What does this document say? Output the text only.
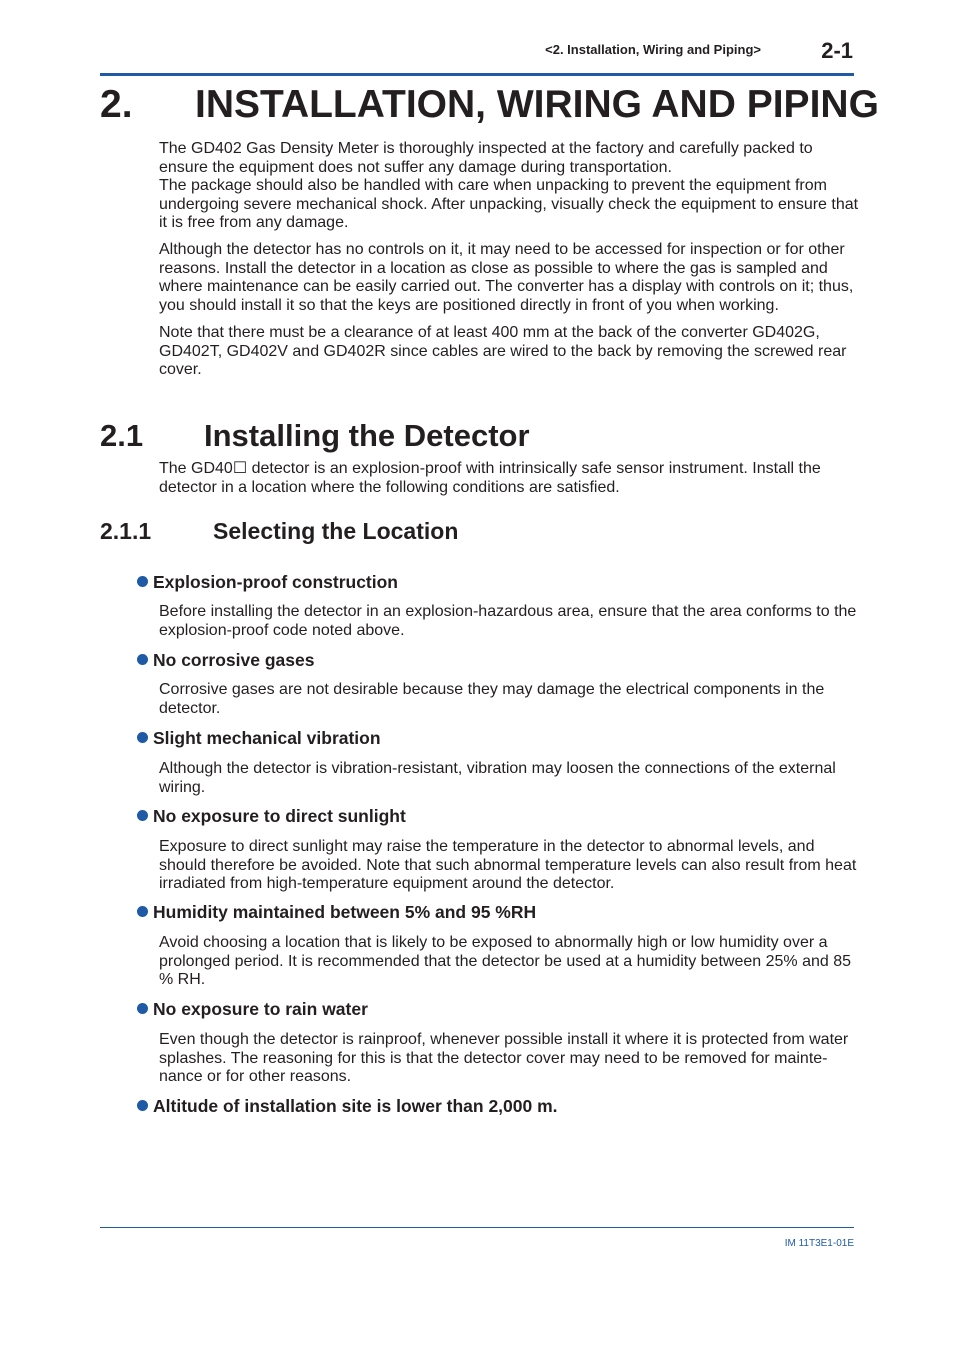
<2. Installation, Wiring and Piping>	2-1
2. INSTALLATION, WIRING AND PIPING

The GD402 Gas Density Meter is thoroughly inspected at the factory and carefully packed to ensure the equipment does not suffer any damage during transportation.

The package should also be handled with care when unpacking to prevent the equipment from undergoing severe mechanical shock. After unpacking, visually check the equipment to ensure that it is free from any damage.

Although the detector has no controls on it, it may need to be accessed for inspection or for other reasons. Install the detector in a location as close as possible to where the gas is sampled and where maintenance can be easily carried out. The converter has a display with controls on it; thus, you should install it so that the keys are positioned directly in front of you when working.
Note that there must be a clearance of at least 400 mm at the back of the converter GD402G, GD402T, GD402V and GD402R since cables are wired to the back by removing the screwed rear cover.
2.1 Installing the Detector
The GD40☐ detector is an explosion-proof with intrinsically safe sensor instrument. Install the detector in a location where the following conditions are satisfied.
2.1.1	Selecting the Location
Explosion-proof construction
Before installing the detector in an explosion-hazardous area, ensure that the area conforms to the explosion-proof code noted above.
No corrosive gases
Corrosive gases are not desirable because they may damage the electrical components in the detector.
Slight mechanical vibration
Although the detector is vibration-resistant, vibration may loosen the connections of the external wiring.
No exposure to direct sunlight
Exposure to direct sunlight may raise the temperature in the detector to abnormal levels, and should therefore be avoided. Note that such abnormal temperature levels can also result from heat irradiated from high-temperature equipment around the detector.
Humidity maintained between 5% and 95 %RH
Avoid choosing a location that is likely to be exposed to abnormally high or low humidity over a prolonged period. It is recommended that the detector be used at a humidity between 25% and 85 % RH.
No exposure to rain water
Even though the detector is rainproof, whenever possible install it where it is protected from water splashes. The reasoning for this is that the detector cover may need to be removed for mainte-nance or for other reasons.
Altitude of installation site is lower than 2,000 m.
IM 11T3E1-01E
